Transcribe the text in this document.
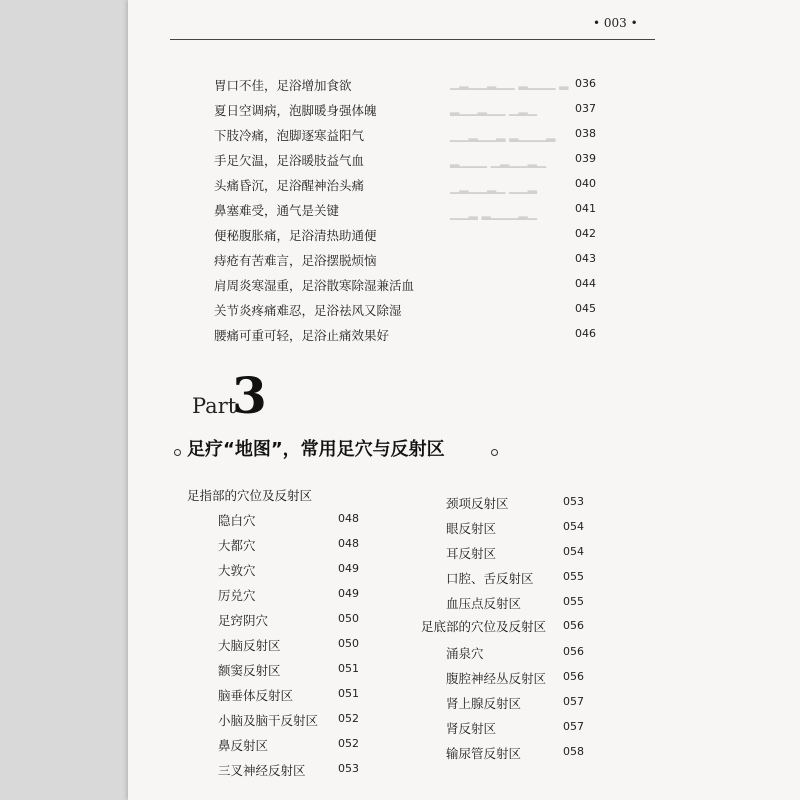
▁▂▁▁▂▁▁ ▂▁▁▁ ▂
▂▁▁▂▁▁ ▁▂▁
▁▁▂▁▁▂ ▂▁▁▁▂
▂▁▁▁ ▁▂▁▁▂▁
▁▂▁▁▂▁ ▁▁▂
▁▁▂ ▂▁▁▁▂▁
• 003 •
胃口不佳，足浴增加食欲	036
夏日空调病，泡脚暖身强体魄	037
下肢冷痛，泡脚逐寒益阳气	038
手足欠温，足浴暖肢益气血	039
头痛昏沉，足浴醒神治头痛	040
鼻塞难受，通气是关键	041
便秘腹胀痛，足浴清热助通便	042
痔疮有苦难言，足浴摆脱烦恼	043
肩周炎寒湿重，足浴散寒除湿兼活血	044
关节炎疼痛难忍，足浴祛风又除湿	045
腰痛可重可轻，足浴止痛效果好	046
Part
3
足疗“地图”，常用足穴与反射区
足指部的穴位及反射区
隐白穴	048
大都穴	048
大敦穴	049
厉兑穴	049
足窍阴穴	050
大脑反射区	050
额窦反射区	051
脑垂体反射区	051
小脑及脑干反射区 052
鼻反射区	052
三叉神经反射区	053
颈项反射区	053
眼反射区	054
耳反射区	054
口腔、舌反射区	055
血压点反射区	055
足底部的穴位及反射区 056
涌泉穴	056
腹腔神经丛反射区 056
肾上腺反射区	057
肾反射区	057
输尿管反射区	058
